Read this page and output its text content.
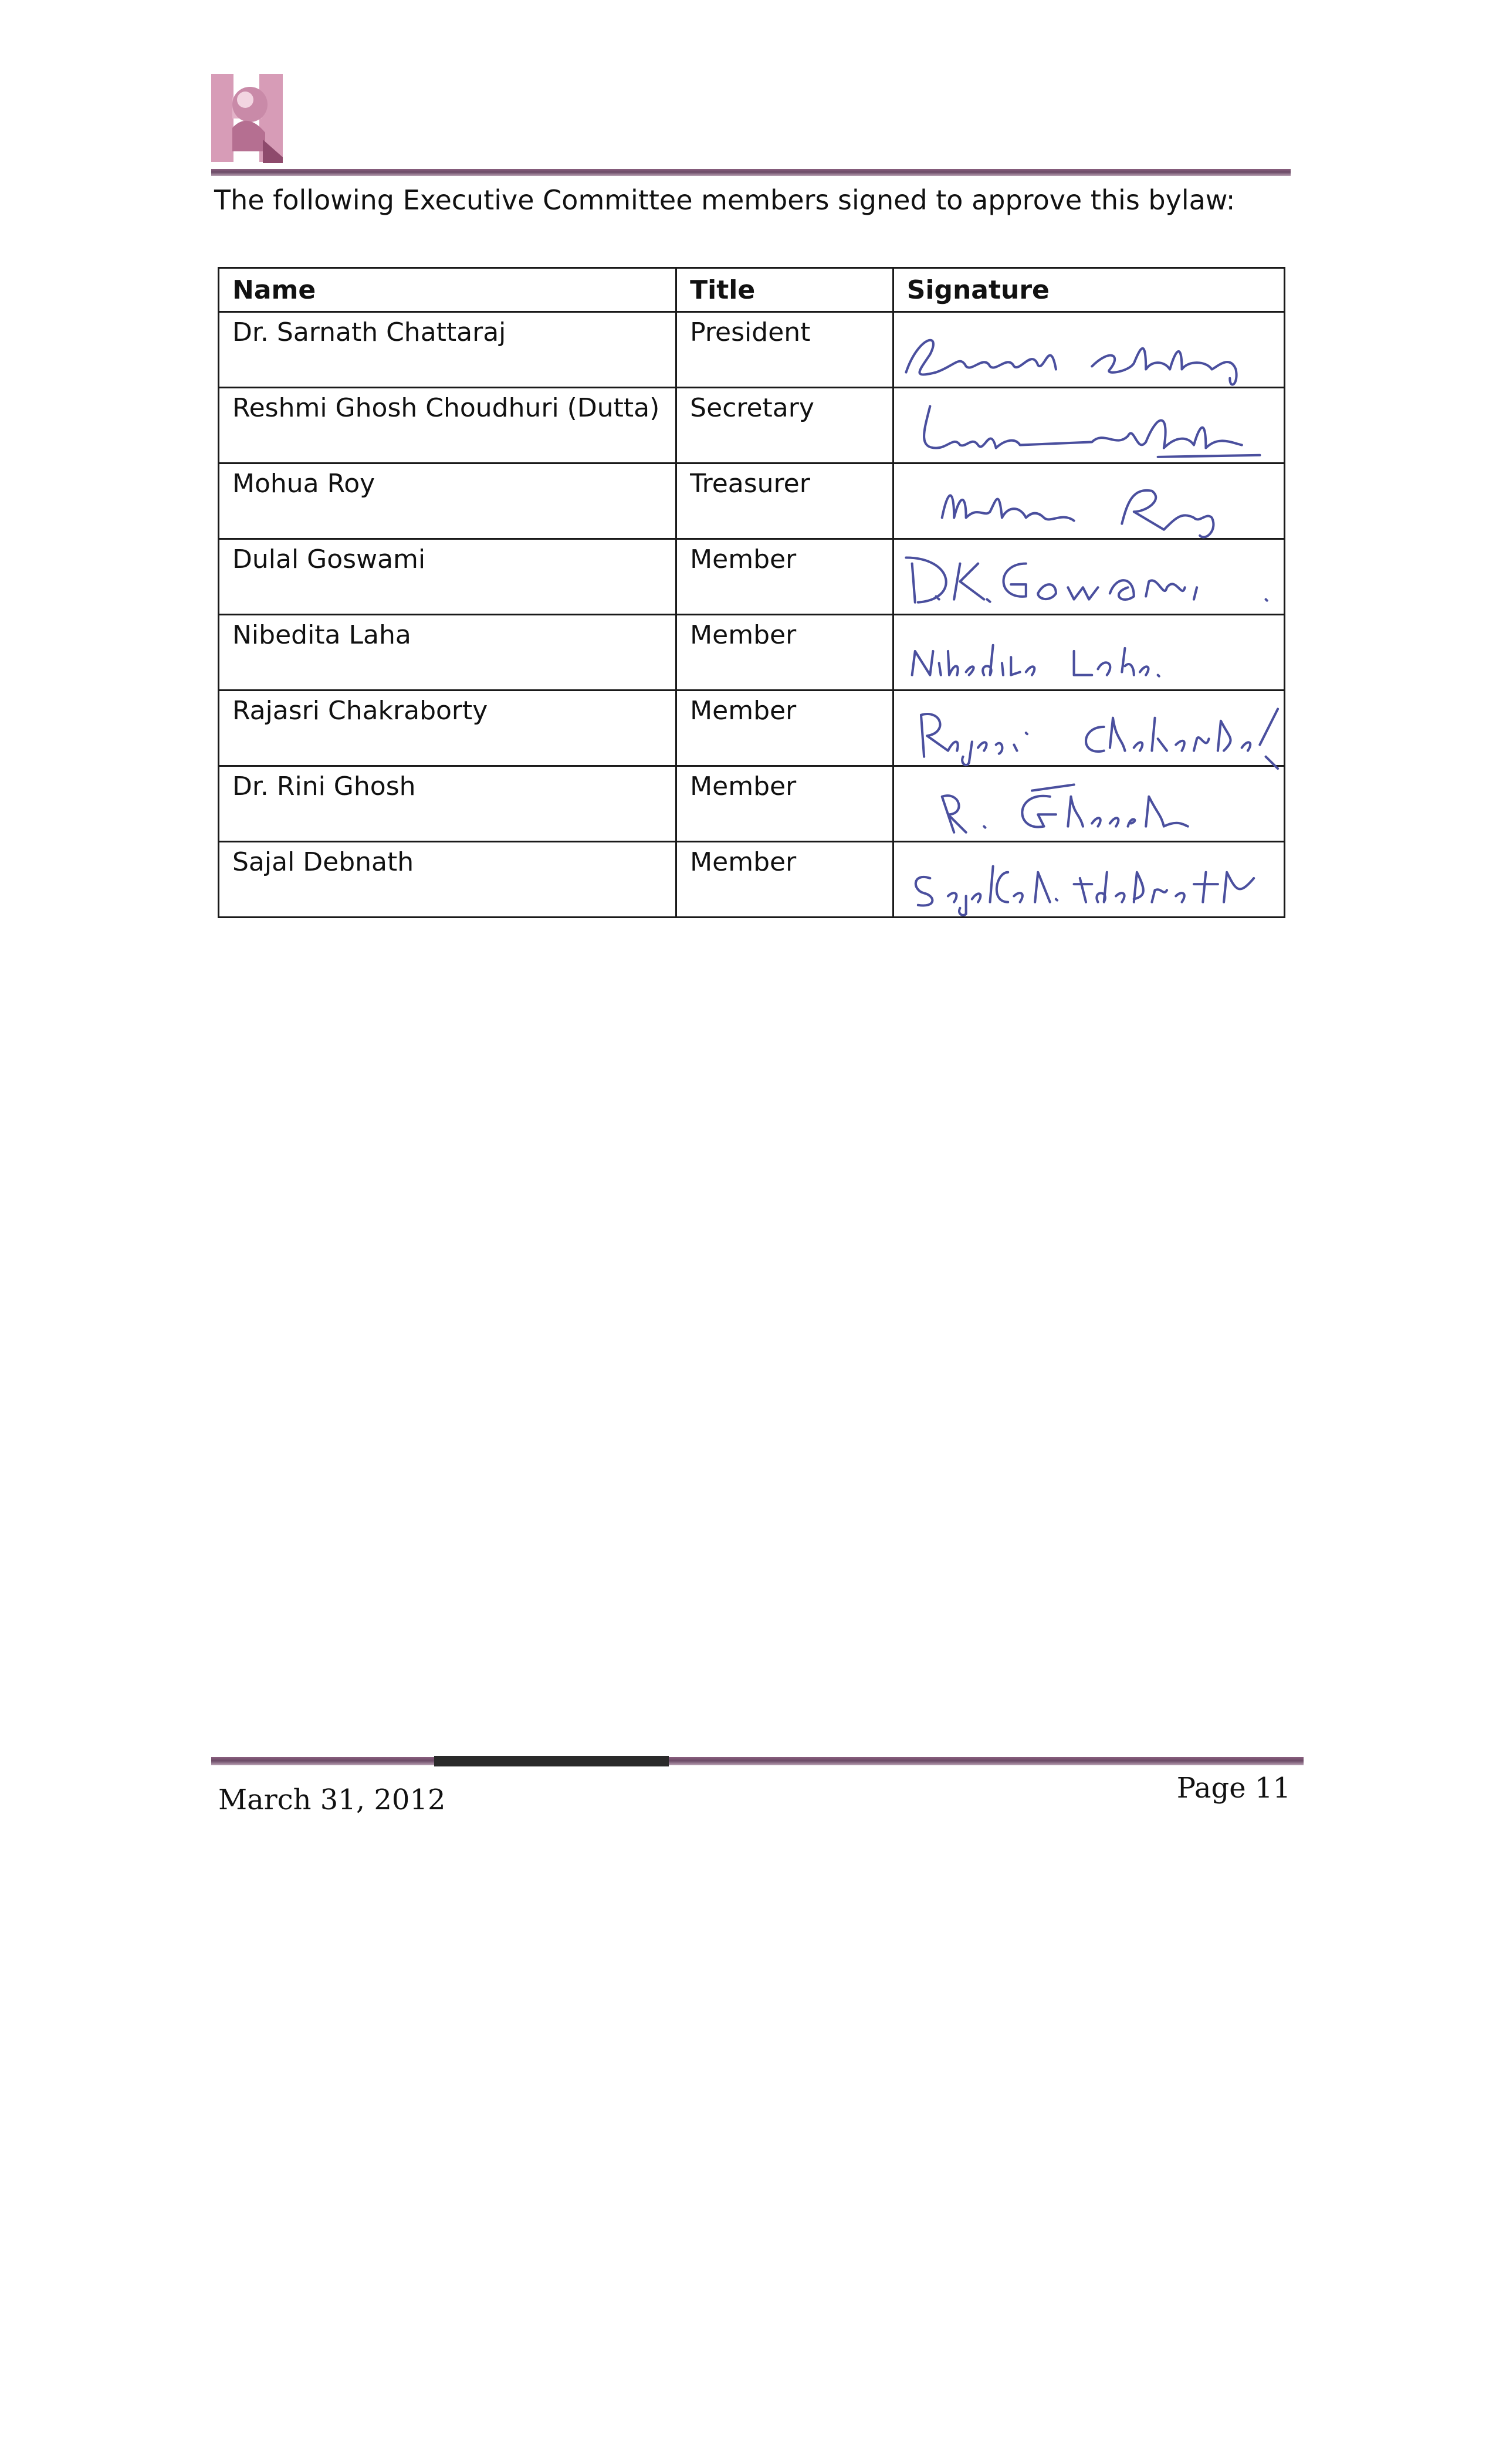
The following Executive Committee members signed to approve this bylaw:
Name	Title	Signature
Dr. Sarnath Chattaraj	President	

Reshmi Ghosh Choudhuri (Dutta)	Secretary	

Mohua Roy	Treasurer	

Dulal Goswami	Member	

Nibedita Laha	Member	

Rajasri Chakraborty	Member	

Dr. Rini Ghosh	Member	

Sajal Debnath	Member	
March 31, 2012	Page 11
